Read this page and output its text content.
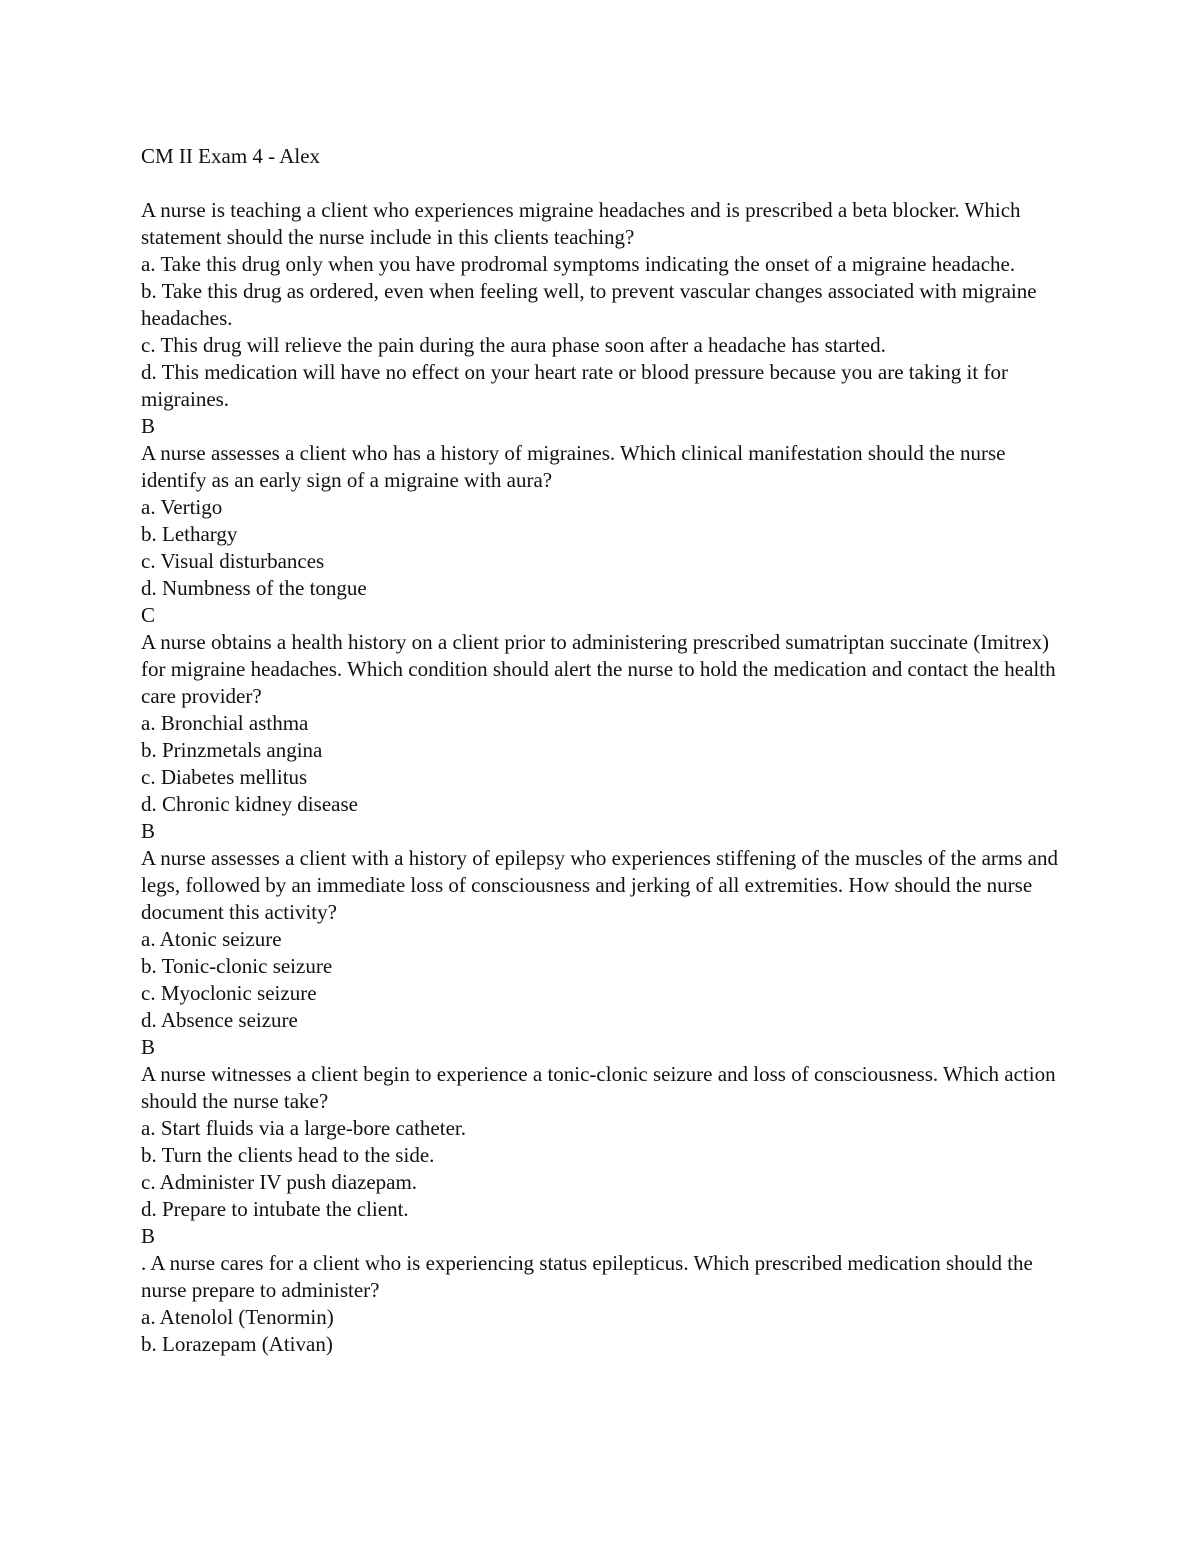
CM II Exam 4 - Alex

A nurse is teaching a client who experiences migraine headaches and is prescribed a beta blocker. Which statement should the nurse include in this clients teaching?

a. Take this drug only when you have prodromal symptoms indicating the onset of a migraine headache.

b. Take this drug as ordered, even when feeling well, to prevent vascular changes associated with migraine headaches.

c. This drug will relieve the pain during the aura phase soon after a headache has started.

d. This medication will have no effect on your heart rate or blood pressure because you are taking it for migraines.

B

A nurse assesses a client who has a history of migraines. Which clinical manifestation should the nurse identify as an early sign of a migraine with aura?

a. Vertigo

b. Lethargy

c. Visual disturbances

d. Numbness of the tongue

C

A nurse obtains a health history on a client prior to administering prescribed sumatriptan succinate (Imitrex) for migraine headaches. Which condition should alert the nurse to hold the medication and contact the health care provider?

a. Bronchial asthma

b. Prinzmetals angina

c. Diabetes mellitus

d. Chronic kidney disease

B

A nurse assesses a client with a history of epilepsy who experiences stiffening of the muscles of the arms and legs, followed by an immediate loss of consciousness and jerking of all extremities. How should the nurse document this activity?

a. Atonic seizure

b. Tonic-clonic seizure

c. Myoclonic seizure

d. Absence seizure

B

A nurse witnesses a client begin to experience a tonic-clonic seizure and loss of consciousness. Which action should the nurse take?

a. Start fluids via a large-bore catheter.

b. Turn the clients head to the side.

c. Administer IV push diazepam.

d. Prepare to intubate the client.

B

. A nurse cares for a client who is experiencing status epilepticus. Which prescribed medication should the nurse prepare to administer?

a. Atenolol (Tenormin)

b. Lorazepam (Ativan)
